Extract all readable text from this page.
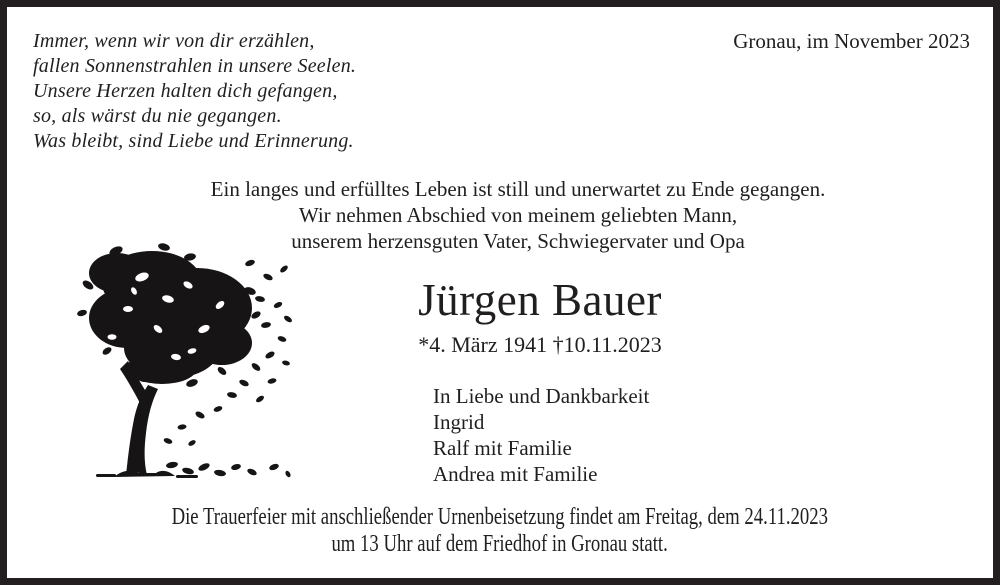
Immer, wenn wir von dir erzählen,
fallen Sonnenstrahlen in unsere Seelen.
Unsere Herzen halten dich gefangen,
so, als wärst du nie gegangen.
Was bleibt, sind Liebe und Erinnerung.
Gronau, im November 2023
Ein langes und erfülltes Leben ist still und unerwartet zu Ende gegangen.
Wir nehmen Abschied von meinem geliebten Mann,
unserem herzensguten Vater, Schwiegervater und Opa
Jürgen Bauer
*4. März 1941 †10.11.2023
In Liebe und Dankbarkeit
Ingrid
Ralf mit Familie
Andrea mit Familie
Die Trauerfeier mit anschließender Urnenbeisetzung findet am Freitag, dem 24.11.2023
um 13 Uhr auf dem Friedhof in Gronau statt.
